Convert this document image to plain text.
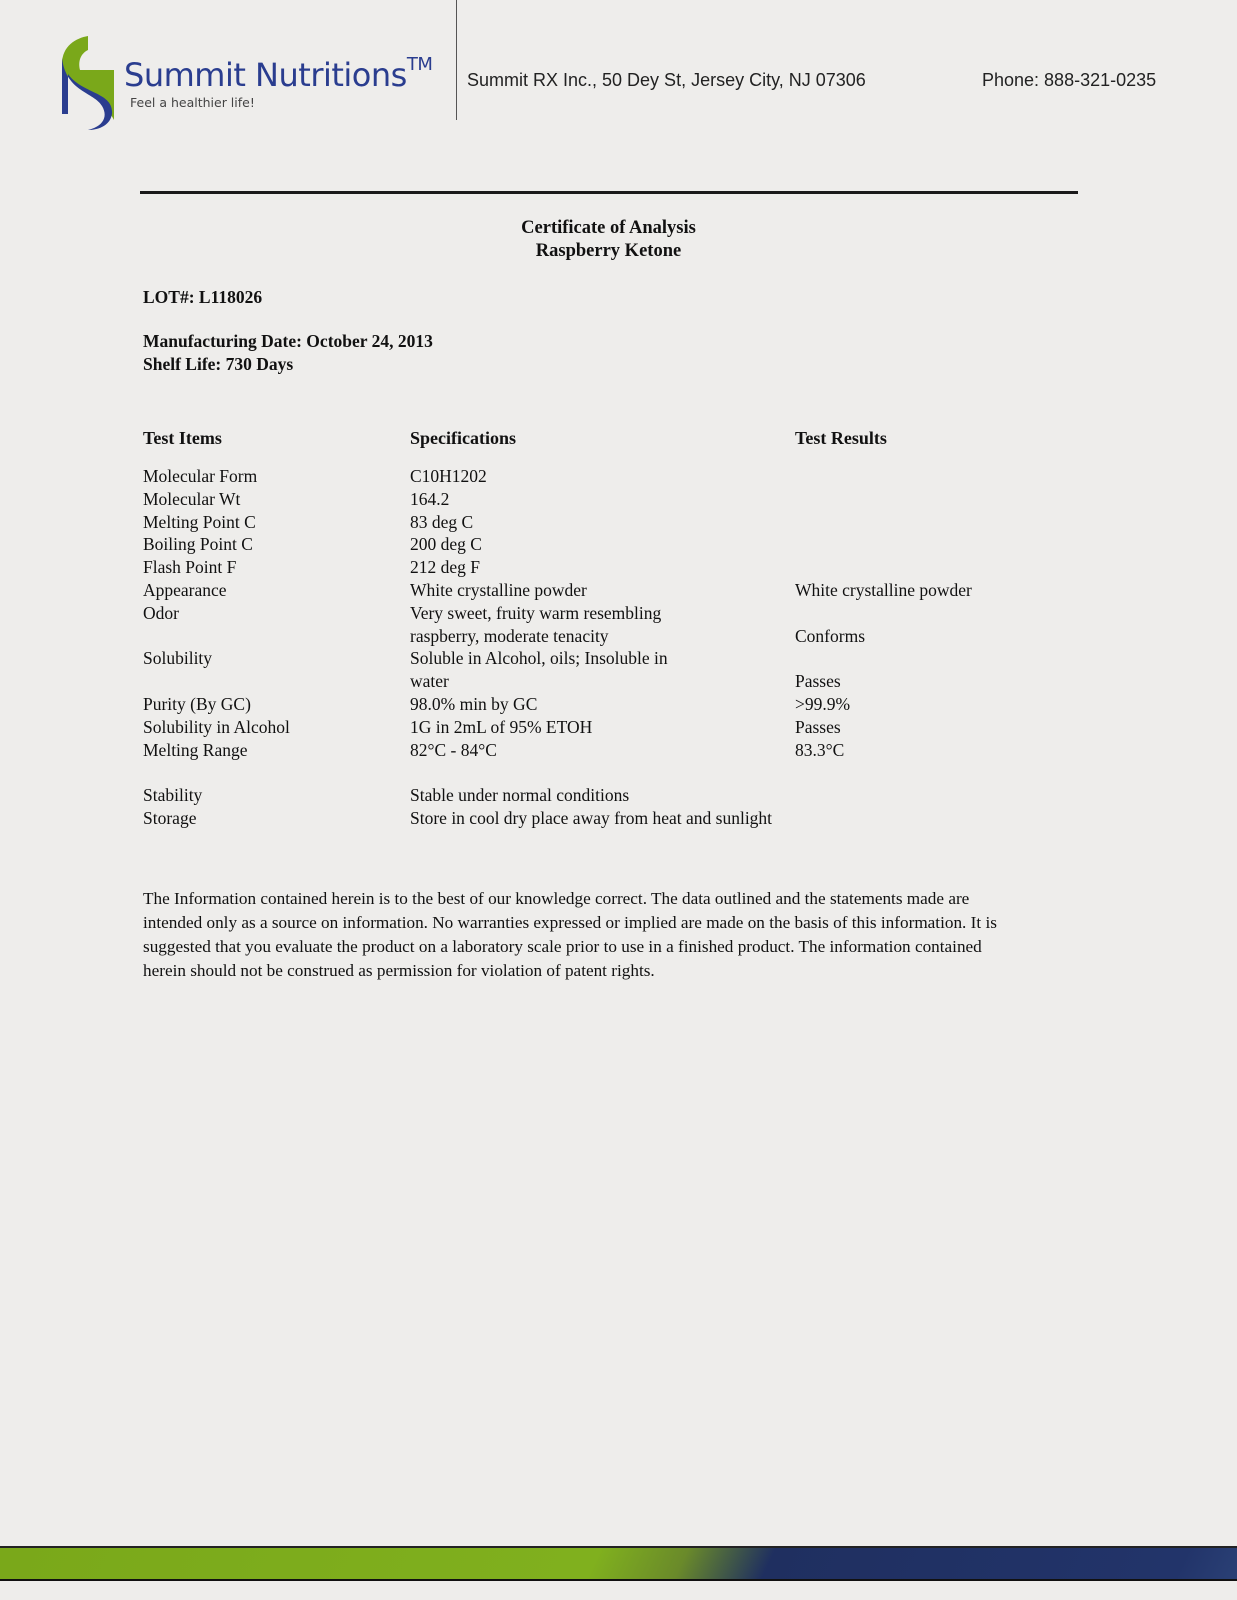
Summit Nutritions™
Feel a healthier life!
Summit RX Inc., 50 Dey St, Jersey City, NJ 07306	Phone: 888-321-0235
Certificate of Analysis
Raspberry Ketone
LOT#: L118026
Manufacturing Date: October 24, 2013
Shelf Life: 730 Days
Test Items	Specifications	Test Results
Molecular Form	C10H1202
Molecular Wt	164.2
Melting Point C	83 deg C
Boiling Point C	200 deg C
Flash Point F	212 deg F
Appearance	White crystalline powder	White crystalline powder
Odor	Very sweet, fruity warm resembling
raspberry, moderate tenacity	Conforms
Solubility	Soluble in Alcohol, oils; Insoluble in
water	Passes
Purity (By GC)	98.0% min by GC	>99.9%
Solubility in Alcohol	1G in 2mL of 95% ETOH	Passes
Melting Range	82°C - 84°C	83.3°C
Stability	Stable under normal conditions
Storage	Store in cool dry place away from heat and sunlight
The Information contained herein is to the best of our knowledge correct. The data outlined and the statements made are intended only as a source on information. No warranties expressed or implied are made on the basis of this information. It is suggested that you evaluate the product on a laboratory scale prior to use in a finished product. The information contained herein should not be construed as permission for violation of patent rights.
